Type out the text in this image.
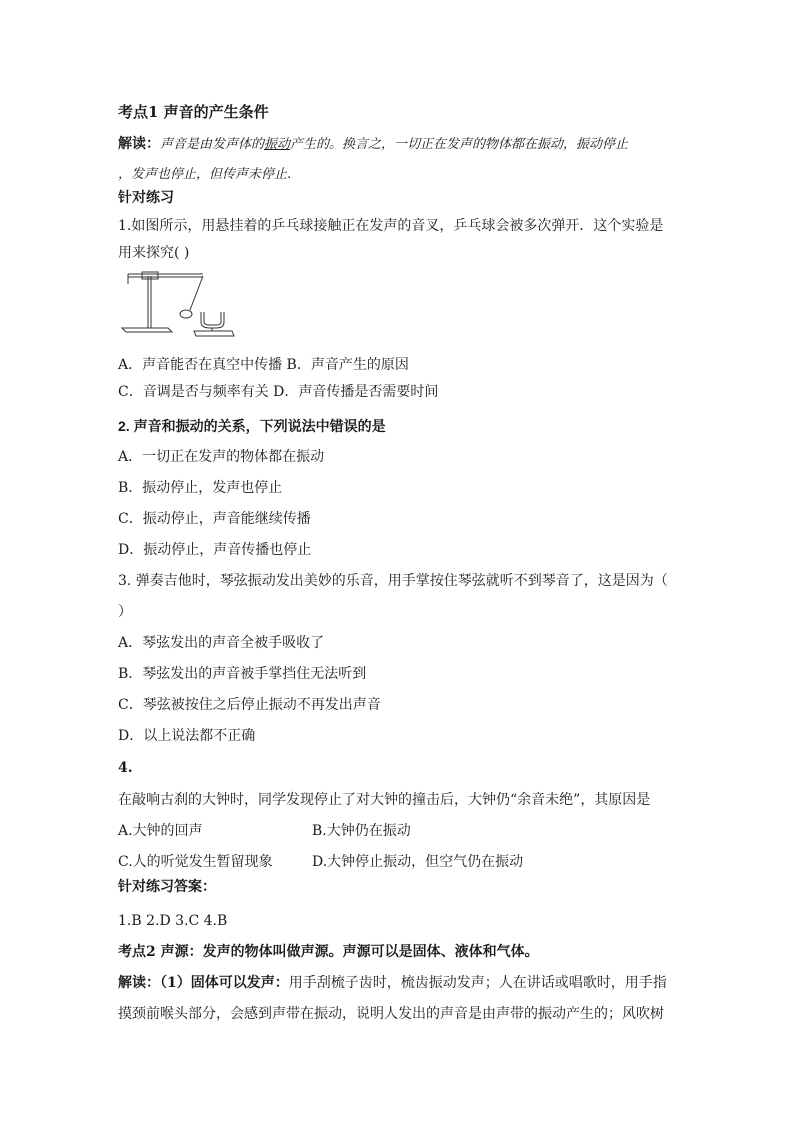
考点1 声音的产生条件
解读：声音是由发声体的振动产生的。换言之，一切正在发声的物体都在振动，振动停止
，发声也停止，但传声未停止.
针对练习
1.如图所示，用悬挂着的乒乓球接触正在发声的音叉，乒乓球会被多次弹开．这个实验是
用来探究( )
A．声音能否在真空中传播 B．声音产生的原因
C．音调是否与频率有关 D．声音传播是否需要时间
2. 声音和振动的关系，下列说法中错误的是
A．一切正在发声的物体都在振动
B．振动停止，发声也停止
C．振动停止，声音能继续传播
D．振动停止，声音传播也停止
3. 弹奏吉他时，琴弦振动发出美妙的乐音，用手掌按住琴弦就听不到琴音了，这是因为（
）
A．琴弦发出的声音全被手吸收了
B．琴弦发出的声音被手掌挡住无法听到
C．琴弦被按住之后停止振动不再发出声音
D．以上说法都不正确
4.
在敲响古刹的大钟时，同学发现停止了对大钟的撞击后，大钟仍“余音未绝”，其原因是
A.大钟的回声	B.大钟仍在振动
C.人的听觉发生暂留现象	D.大钟停止振动，但空气仍在振动
针对练习答案：
1.B 2.D 3.C 4.B
考点2 声源：发声的物体叫做声源。声源可以是固体、液体和气体。
解读：（1）固体可以发声：用手刮梳子齿时，梳齿振动发声；人在讲话或唱歌时，用手指
摸颈前喉头部分，会感到声带在振动，说明人发出的声音是由声带的振动产生的；风吹树
